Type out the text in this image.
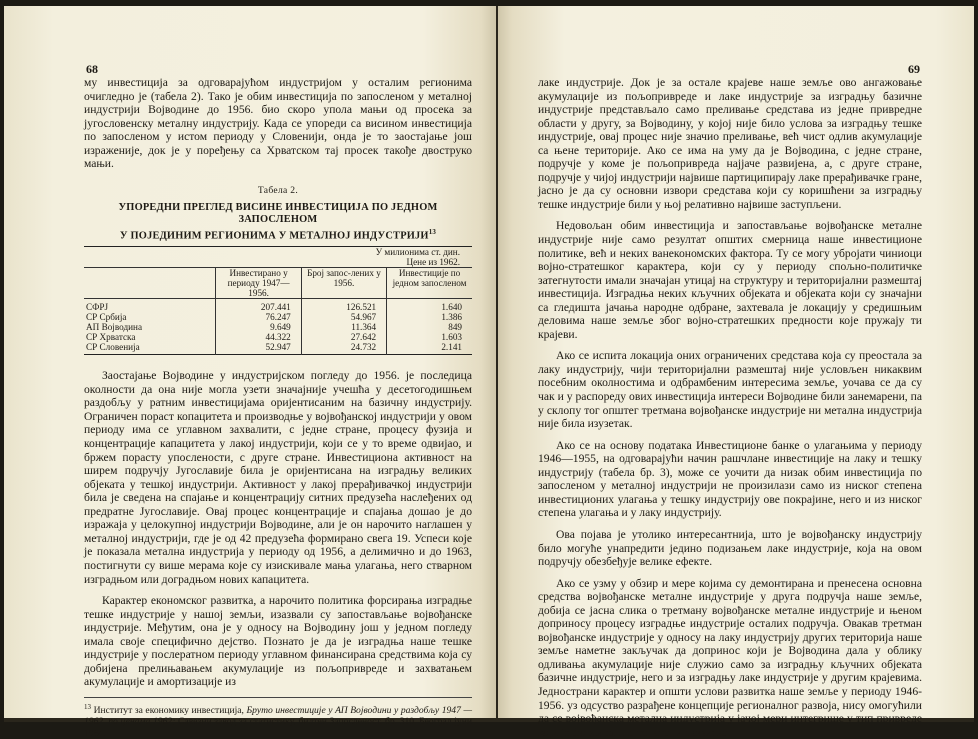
68

му инвестиција за одговарајућом индустријом у осталим регионима очигледно је (табела 2). Тако је обим инвестиција по запосленом у металној индустрији Војводине до 1956. био скоро упола мањи од просека за југословенску металну индустрију. Када се упореди са висином инвестиција по запосленом у истом периоду у Словенији, онда је то заостајање још израженије, док је у поређењу са Хрватском тај просек такође двоструко мањи.

Табела 2.
УПОРЕДНИ ПРЕГЛЕД ВИСИНЕ ИНВЕСТИЦИЈА ПО ЈЕДНОМ ЗАПОСЛЕНОМ
У ПОЈЕДИНИМ РЕГИОНИМА У МЕТАЛНОЈ ИНДУСТРИЈИ$^{13}$
	У милионима ст. дин.
Цене из 1962.		
	Инвестирано у периоду 1947—1956.	Број запос-лених у 1956.	Инвестиције по једном запосленом
СФРЈ	207.441	126.521	1.640
СР Србија	76.247	54.967	1.386
АП Војводина	9.649	11.364	849
СР Хрватска	44.322	27.642	1.603
СР Словенија	52.947	24.732	2.141

Заостајање Војводине у индустријском погледу до 1956. је последица околности да она није могла узети значајније учешћа у десетогодишњем раздобљу у ратним инвестицијама оријентисаним на базичну индустрију. Ограничен пораст копацитета и производње у војвођанској индустрији у овом периоду има се углавном захвалити, с једне стране, процесу фузија и концентрације капацитета у лакој индустрији, који се у то време одвијао, и бржем порасту упослености, с друге стране. Инвестициона активност на ширем подручју Југославије била је оријентисана на изградњу великих објеката у тешкој индустрији. Активност у лакој прерађивачкој индустрији била је сведена на спајање и концентрацију ситних предузећа наслеђених од предратне Југославије. Овај процес концентрације и спајања дошао је до изражаја у целокупној индустрији Војводине, али је он нарочито наглашен у металној индустрији, где је од 42 предузећа формирано свега 19. Успеси које је показала метална индустрија у периоду од 1956, а делимично и до 1963, постигнути су више мерама које су изискивале мања улагања, него стварном изградњом или доградњом нових капацитета.

Карактер економског развитка, а нарочито политика форсирања изградње тешке индустрије у нашој земљи, изазвали су запостављање војвођанске индустрије. Међутим, она је у односу на Војводину још у једном погледу имала своје специфично дејство. Познато је да је изградња наше тешке индустрије у послератном периоду углавном финансирана средствима која су добијена прелињавањем акумулације из пољопривреде и захватањем акумулације и амортизације из

$^{13}$ Институт за економику инвестиција, Бруто инвестиције у АП Војводини у раздобљу 1947 — 1962. по ценама 1962; Савезни завод за статистику, билтен Запосленост, бр. 310, Београд јуни 1964.
69

лаке индустрије. Док је за остале крајеве наше земље ово ангажовање акумулације из пољопривреде и лаке индустрије за изградњу базичне индустрије представљало само преливање средстава из једне привредне области у другу, за Војводину, у којој није било услова за изградњу тешке индустрије, овај процес није значио преливање, већ чист одлив акумулације са њене територије. Ако се има на уму да је Војводина, с једне стране, подручје у коме је пољопривреда најјаче развијена, а, с друге стране, подручје у чијој индустрији највише партиципирају лаке прерађивачке гране, јасно је да су основни извори средстава који су коришћени за изградњу тешке индустрије били у њој релативно највише заступљени.

Недовољан обим инвестиција и запостављање војвођанске металне индустрије није само резултат општих смерница наше инвестиционе политике, већ и неких ванекономских фактора. Ту се могу убројати чиниоци војно-стратешког карактера, који су у периоду спољно-политичке затегнутости имали значајан утицај на структуру и територијални размештај инвестиција. Изградња неких кључних објеката и објеката који су значајни са гледишта јачања народне одбране, захтевала је локацију у средишњим деловима наше земље због војно-стратешких предности које пружају ти крајеви.

Ако се испита локација оних ограничених средстава која су преостала за лаку индустрију, чији територијални размештај није условљен никаквим посебним околностима и одбрамбеним интересима земље, уочава се да су чак и у распореду ових инвестиција интереси Војводине били занемарени, па у склопу тог општег третмана војвођанске индустрије ни метална индустрија није била изузетак.

Ако се на основу података Инвестиционе банке о улагањима у периоду 1946—1955, на одговарајући начин рашчлане инвестиције на лаку и тешку индустрију (табела бр. 3), може се уочити да низак обим инвестиција по запосленом у металној индустрији не произилази само из ниског степена инвестиционих улагања у тешку индустрију ове покрајине, него и из ниског степена улагања и у лаку индустрију.

Ова појава је утолико интересантнија, што је војвођанску индустрију било могуће унапредити једино подизањем лаке индустрије, која на овом подручју обезбеђује велике ефекте.

Ако се узму у обзир и мере којима су демонтирана и пренесена основна средства војвођанске металне индустрије у друга подручја наше земље, добија се јасна слика о третману војвођанске металне индустрије и њеном доприносу процесу изградње индустрије осталих подручја. Овакав третман војвођанске индустрије у односу на лаку индустрију других територија наше земље наметне закључак да допринос који је Војводина дала у облику одливања акумулације није служио само за изградњу кључних објеката базичне индустрије, него и за изградњу лаке индустрије у другим крајевима. Једнострани карактер и општи услови развитка наше земље у периоду 1946-1956. уз одсуство разрађене концепције регионалног развоја, нису омогућили да се војвођанска метална индустрија у јачој мери интегрише у тип привреде који је форсиран на тој етапи развитка.
